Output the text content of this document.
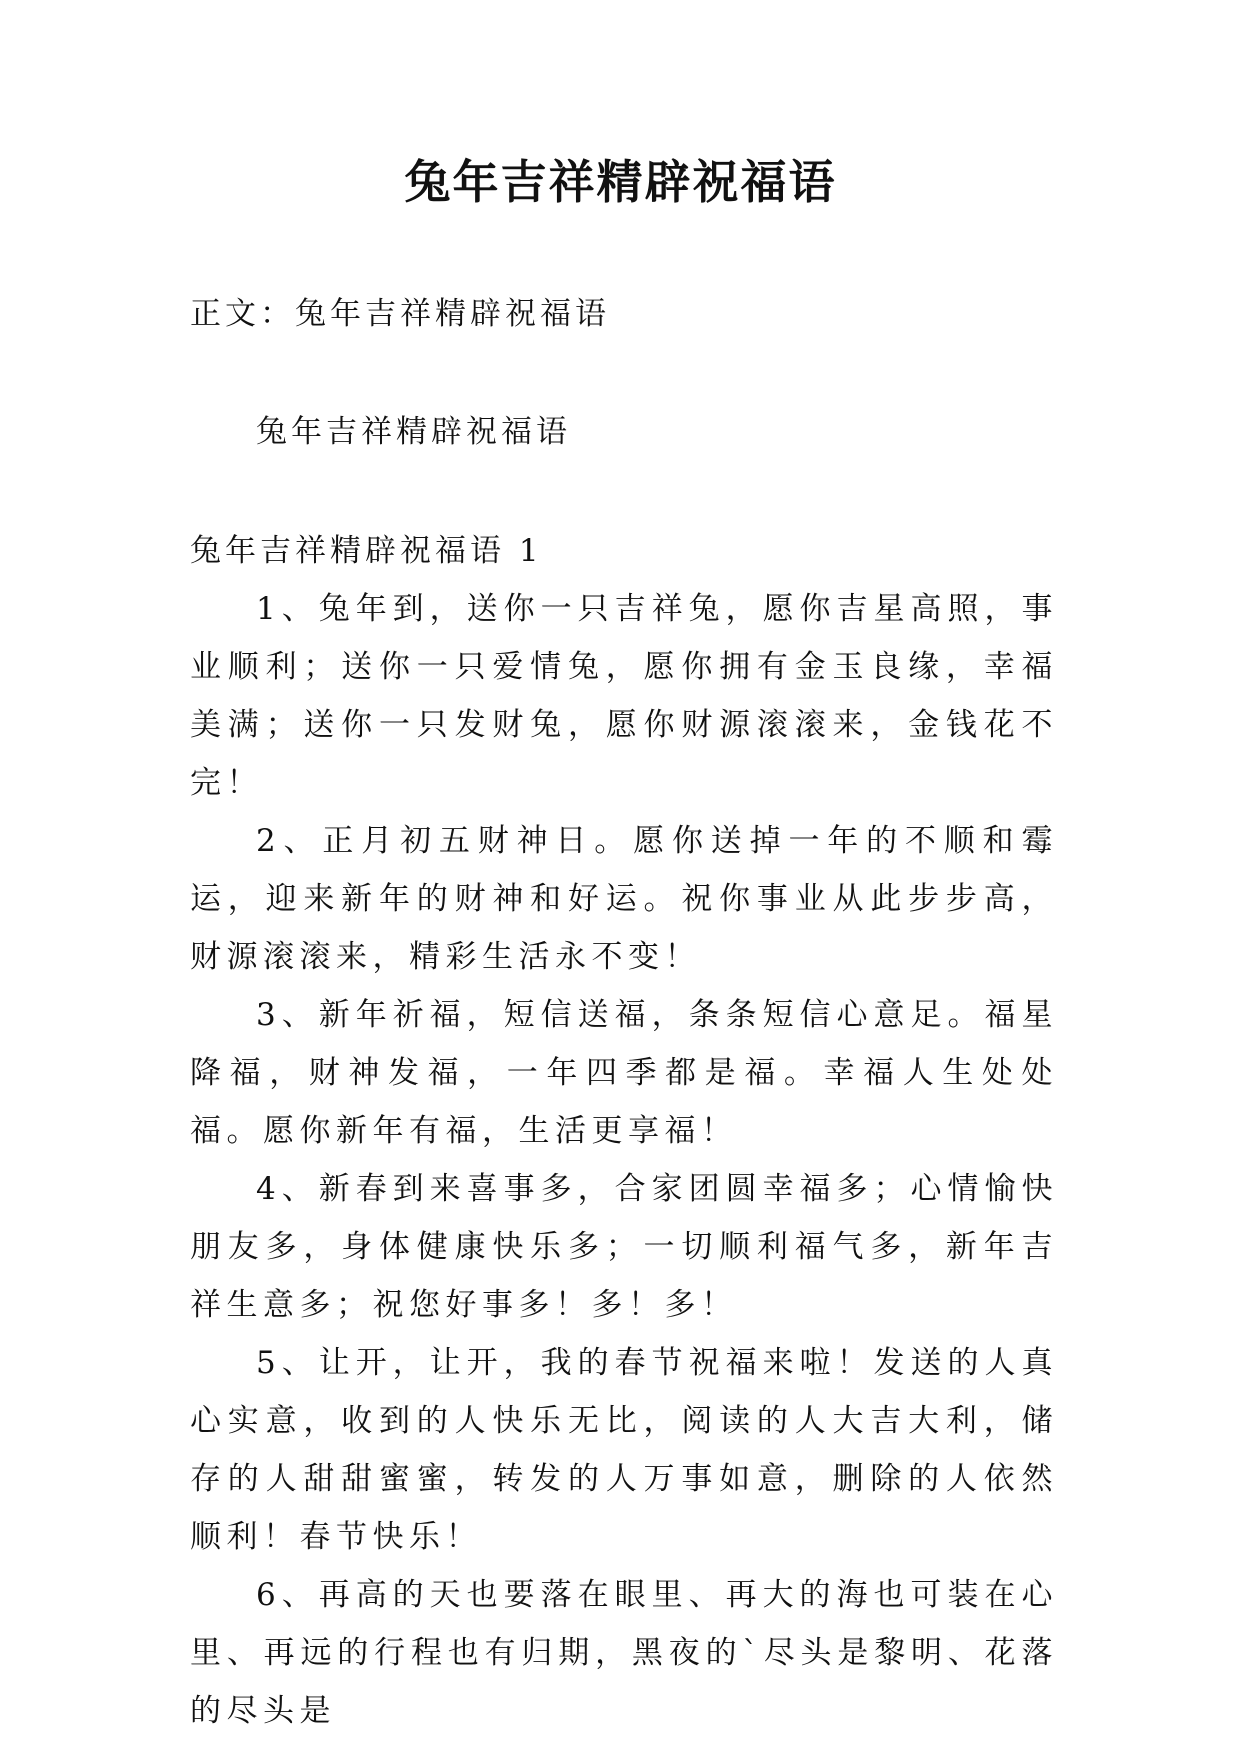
兔年吉祥精辟祝福语

正文：兔年吉祥精辟祝福语

兔年吉祥精辟祝福语

兔年吉祥精辟祝福语 1

1、兔年到，送你一只吉祥兔，愿你吉星高照，事业顺利；送你一只爱情兔，愿你拥有金玉良缘，幸福美满；送你一只发财兔，愿你财源滚滚来，金钱花不完！

2、正月初五财神日。愿你送掉一年的不顺和霉运，迎来新年的财神和好运。祝你事业从此步步高，财源滚滚来，精彩生活永不变！

3、新年祈福，短信送福，条条短信心意足。福星降福，财神发福，一年四季都是福。幸福人生处处福。愿你新年有福，生活更享福！

4、新春到来喜事多，合家团圆幸福多；心情愉快朋友多，身体健康快乐多；一切顺利福气多，新年吉祥生意多；祝您好事多！多！多！

5、让开，让开，我的春节祝福来啦！发送的人真心实意，收到的人快乐无比，阅读的人大吉大利，储存的人甜甜蜜蜜，转发的人万事如意，删除的人依然顺利！春节快乐！

6、再高的天也要落在眼里、再大的海也可装在心里、再远的行程也有归期，黑夜的`尽头是黎明、花落的尽头是
